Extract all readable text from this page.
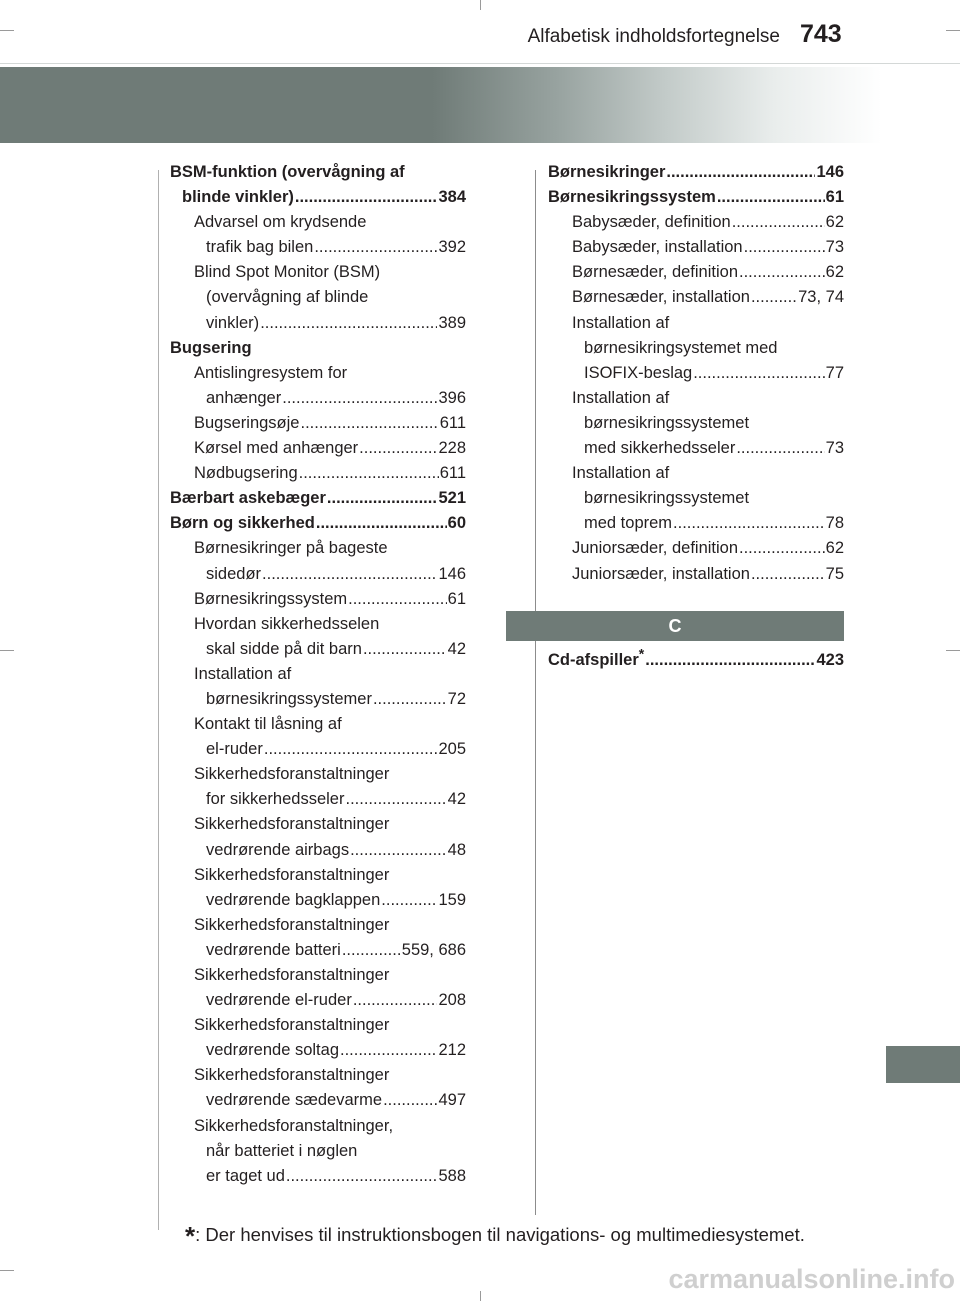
Alfabetisk indholdsfortegnelse 743
BSM-funktion (overvågning af
blinde vinkler) .....	384
Advarsel om krydsende
trafik bag bilen .....	392
Blind Spot Monitor (BSM)
(overvågning af blinde
vinkler) .....	389
Bugsering
Antislingresystem for
anhænger .....	396
Bugseringsøje .....	611
Kørsel med anhænger .....	228
Nødbugsering .....	611
Bærbart askebæger .....	521
Børn og sikkerhed .....	60
Børnesikringer på bageste
sidedør .....	146
Børnesikringssystem .....	61
Hvordan sikkerhedsselen
skal sidde på dit barn .....	42
Installation af
børnesikringssystemer .....	72
Kontakt til låsning af
el-ruder .....	205
Sikkerhedsforanstaltninger
for sikkerhedsseler .....	42
Sikkerhedsforanstaltninger
vedrørende airbags .....	48
Sikkerhedsforanstaltninger
vedrørende bagklappen .....	159
Sikkerhedsforanstaltninger
vedrørende batteri .....	559, 686
Sikkerhedsforanstaltninger
vedrørende el-ruder .....	208
Sikkerhedsforanstaltninger
vedrørende soltag .....	212
Sikkerhedsforanstaltninger
vedrørende sædevarme .....	497
Sikkerhedsforanstaltninger,
når batteriet i nøglen
er taget ud .....	588
Børnesikringer .....	146
Børnesikringssystem .....	61
Babysæder, definition .....	62
Babysæder, installation .....	73
Børnesæder, definition .....	62
Børnesæder, installation .....	73, 74
Installation af
børnesikringsystemet med
ISOFIX-beslag .....	77
Installation af
børnesikringssystemet
med sikkerhedsseler .....	73
Installation af
børnesikringssystemet
med toprem .....	78
Juniorsæder, definition .....	62
Juniorsæder, installation .....	75
C
Cd-afspiller* .....	423
*: Der henvises til instruktionsbogen til navigations- og multimediesystemet.
carmanualsonline.info
